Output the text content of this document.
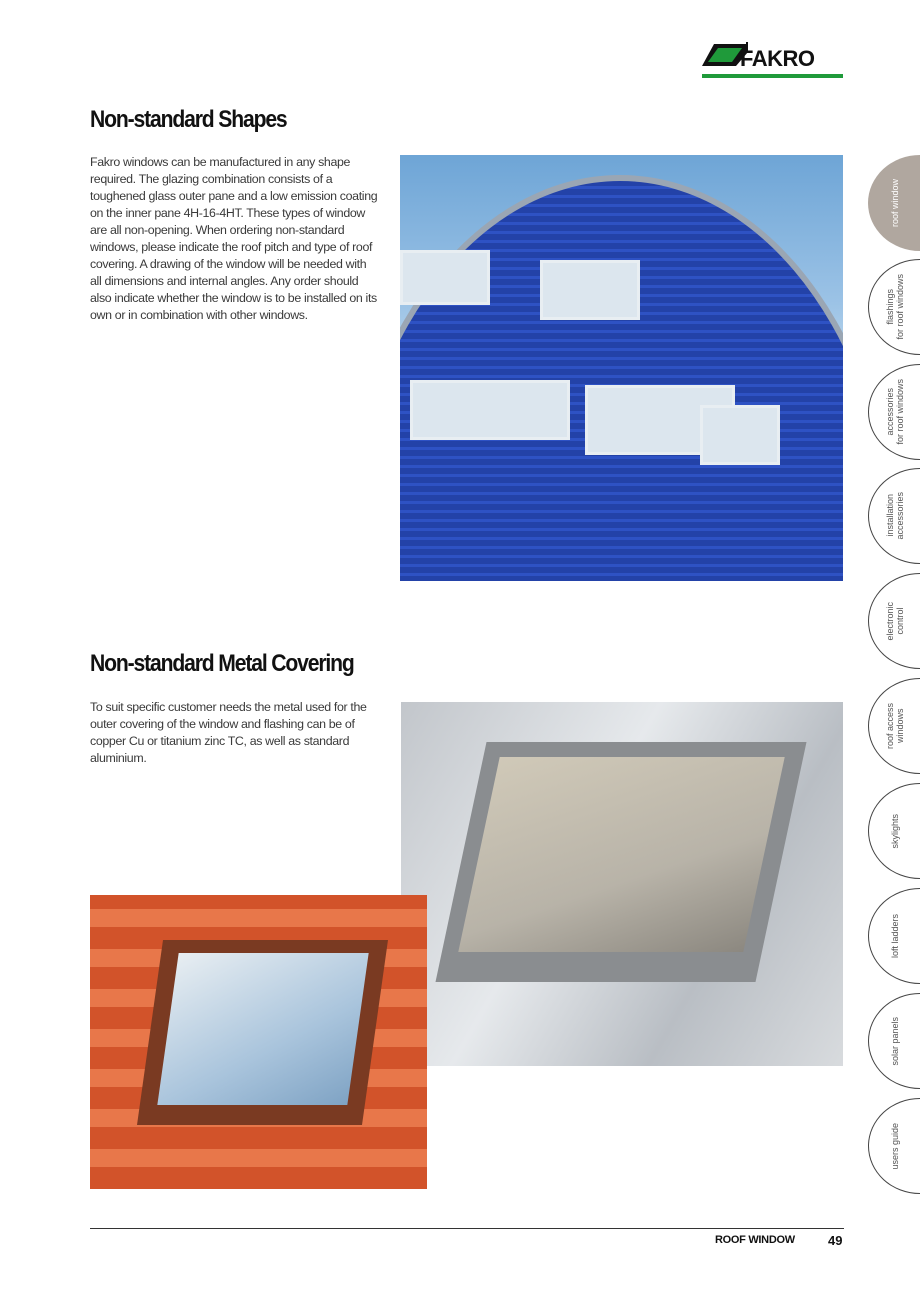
FAKRO
Non-standard Shapes

Fakro windows can be manufactured in any shape required. The glazing combination consists of a toughened glass outer pane and a low emission coating on the inner pane 4H-16-4HT. These types of window are all non-opening. When ordering non-standard windows, please indicate the roof pitch and type of roof covering. A drawing of the window will be needed with all dimensions and internal angles. Any order should also indicate whether the window is to be installed on its own or in combination with other windows.

Non-standard Metal Covering

To suit specific customer needs the metal used for the outer covering of the window and flashing can be of copper Cu or titanium zinc TC, as well as standard aluminium.

roof window
flashings
for roof windows
accessories
for roof windows
installation
accessories
electronic
control
roof access
windows
skylights
loft ladders
solar panels
users guide
ROOF WINDOW	49
